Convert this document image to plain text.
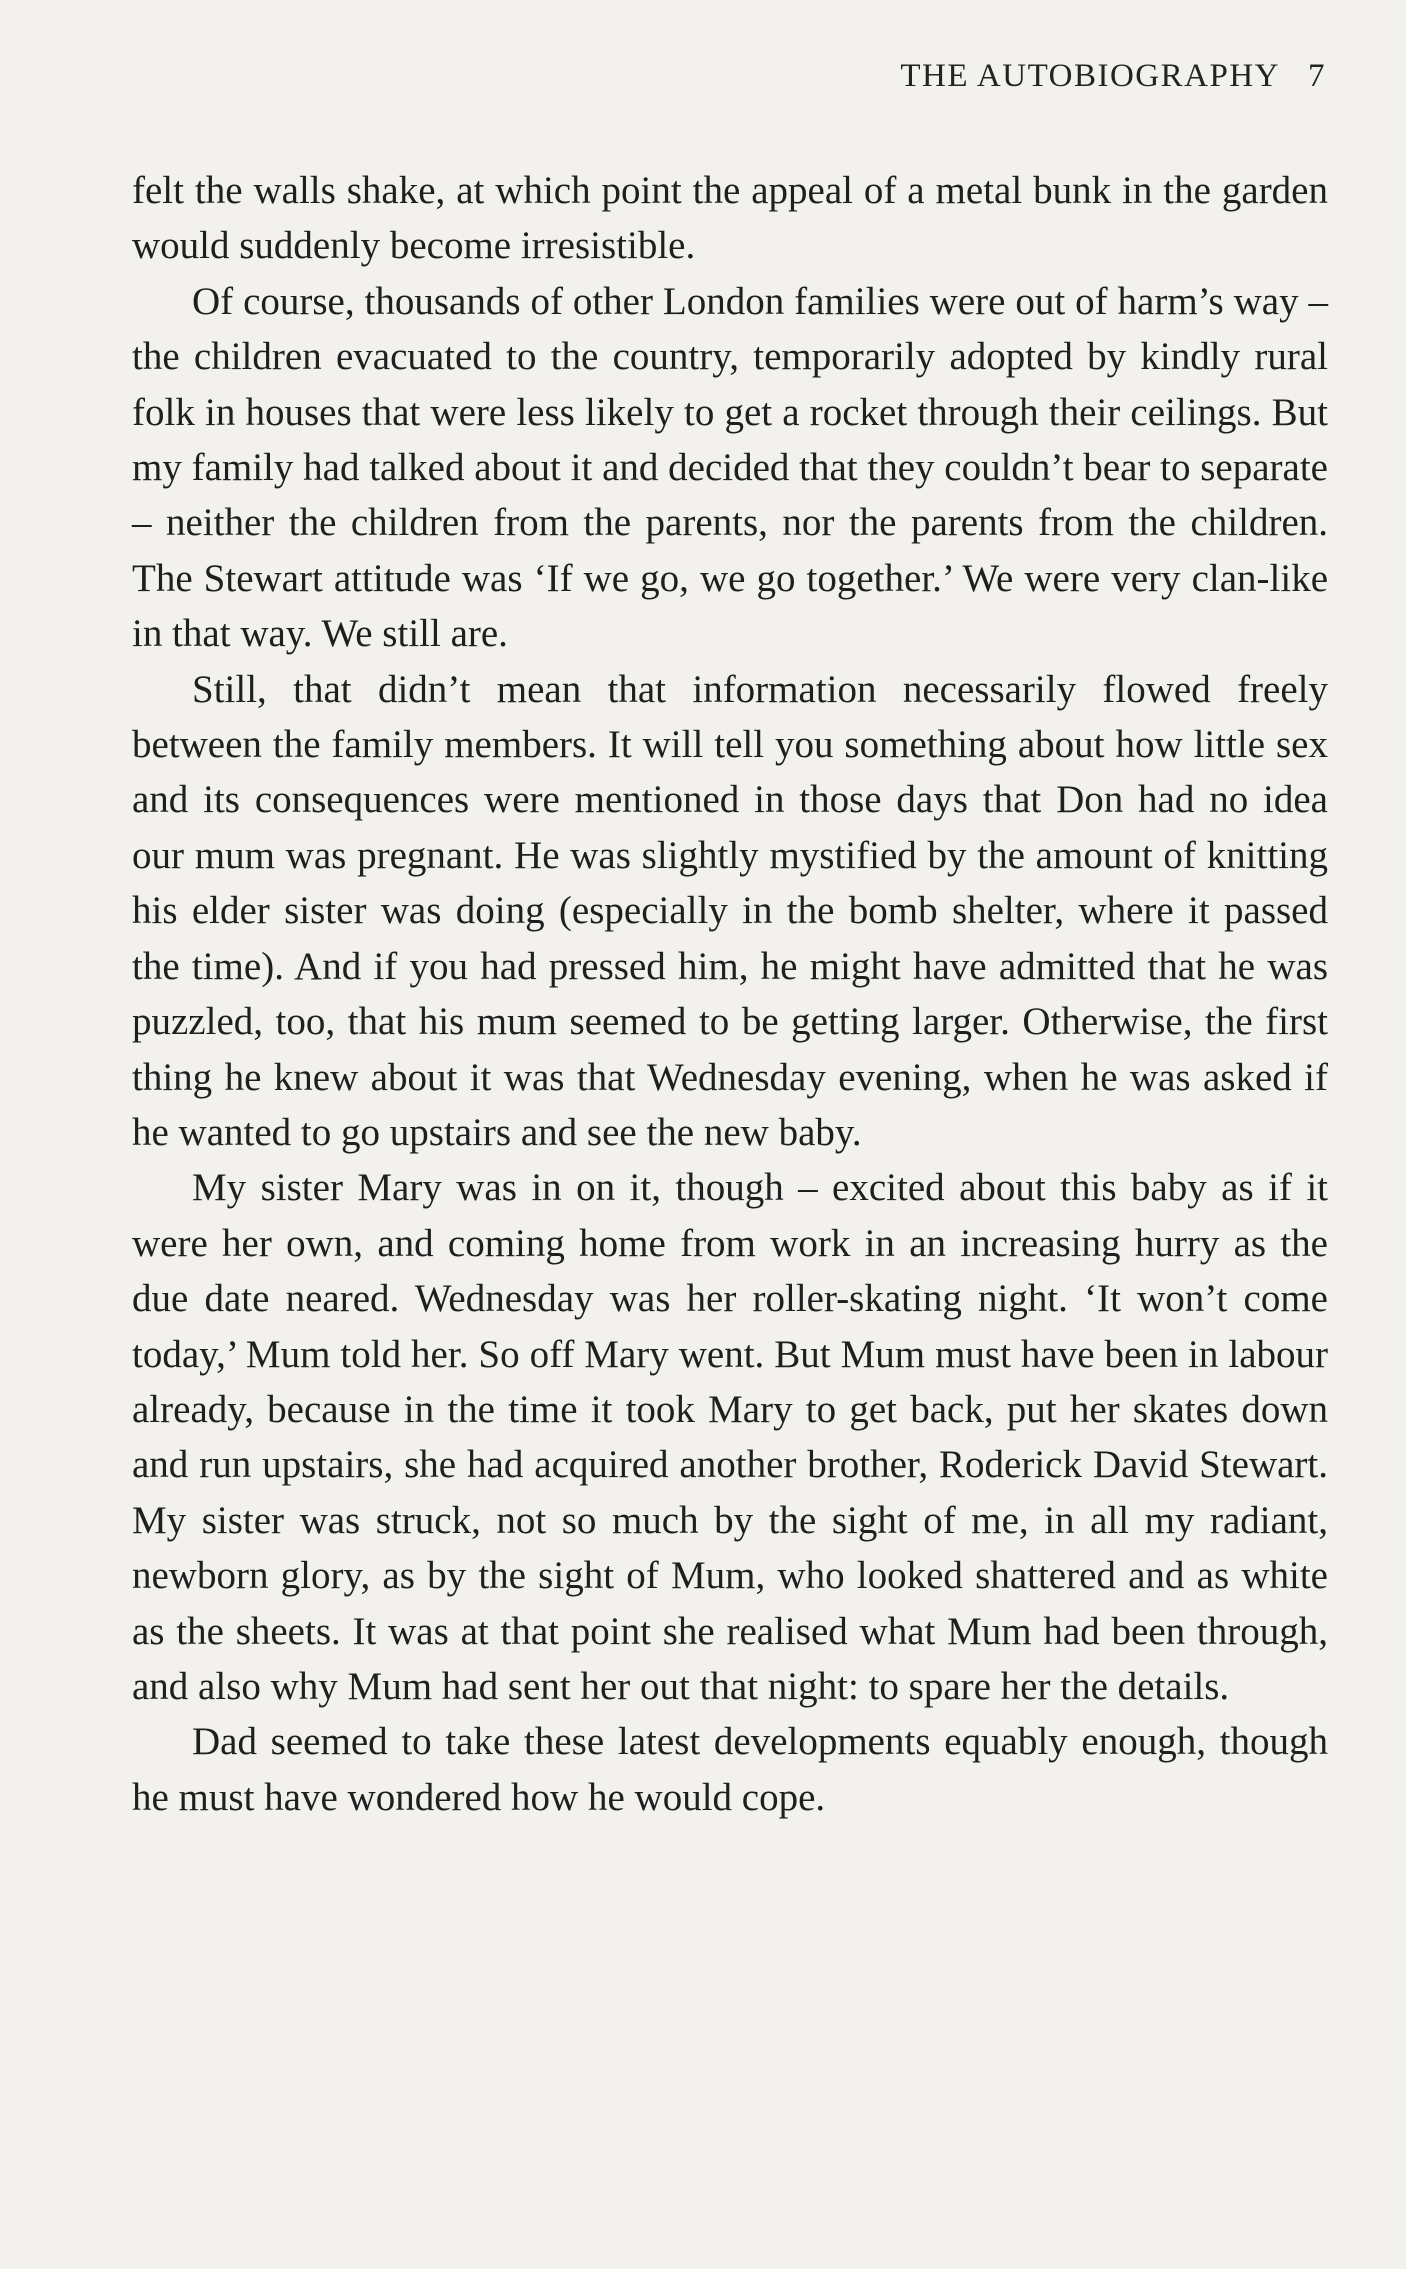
THE AUTOBIOGRAPHY 7

felt the walls shake, at which point the appeal of a metal bunk in the garden would suddenly become irresistible.

Of course, thousands of other London families were out of harm’s way – the children evacuated to the country, temporarily adopted by kindly rural folk in houses that were less likely to get a rocket through their ceilings. But my family had talked about it and decided that they couldn’t bear to separate – neither the children from the parents, nor the parents from the children. The Stewart attitude was ‘If we go, we go together.’ We were very clan-like in that way. We still are.

Still, that didn’t mean that information necessarily flowed freely between the family members. It will tell you something about how little sex and its consequences were mentioned in those days that Don had no idea our mum was pregnant. He was slightly mystified by the amount of knitting his elder sister was doing (especially in the bomb shelter, where it passed the time). And if you had pressed him, he might have admitted that he was puzzled, too, that his mum seemed to be getting larger. Otherwise, the first thing he knew about it was that Wednesday evening, when he was asked if he wanted to go upstairs and see the new baby.

My sister Mary was in on it, though – excited about this baby as if it were her own, and coming home from work in an increasing hurry as the due date neared. Wednesday was her roller-skating night. ‘It won’t come today,’ Mum told her. So off Mary went. But Mum must have been in labour already, because in the time it took Mary to get back, put her skates down and run upstairs, she had acquired another brother, Roderick David Stewart. My sister was struck, not so much by the sight of me, in all my radiant, newborn glory, as by the sight of Mum, who looked shattered and as white as the sheets. It was at that point she realised what Mum had been through, and also why Mum had sent her out that night: to spare her the details.

Dad seemed to take these latest developments equably enough, though he must have wondered how he would cope.
